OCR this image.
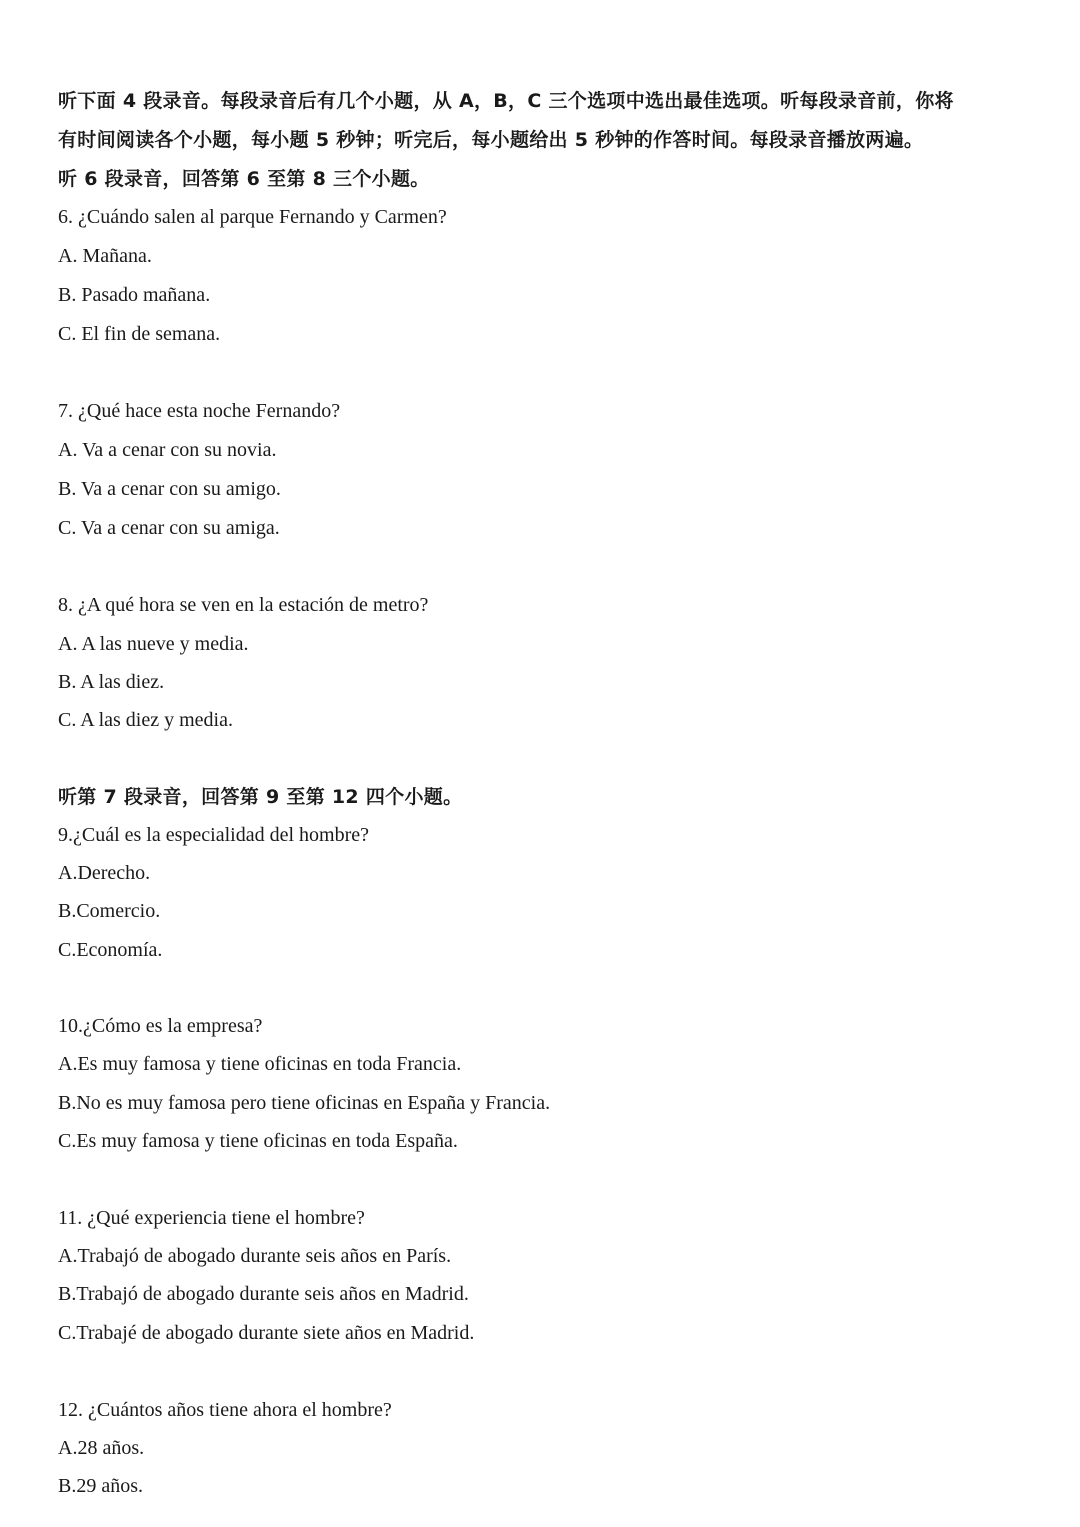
听下面 4 段录音。每段录音后有几个小题，从 A，B，C 三个选项中选出最佳选项。听每段录音前，你将
有时间阅读各个小题，每小题 5 秒钟；听完后，每小题给出 5 秒钟的作答时间。每段录音播放两遍。
听 6 段录音，回答第 6 至第 8 三个小题。
6. ¿Cuándo salen al parque Fernando y Carmen?
A. Mañana.
B. Pasado mañana.
C. El fin de semana.
7. ¿Qué hace esta noche Fernando?
A. Va a cenar con su novia.
B. Va a cenar con su amigo.
C. Va a cenar con su amiga.
8. ¿A qué hora se ven en la estación de metro?
A. A las nueve y media.
B. A las diez.
C. A las diez y media.
听第 7 段录音，回答第 9 至第 12 四个小题。
9.¿Cuál es la especialidad del hombre?
A.Derecho.
B.Comercio.
C.Economía.
10.¿Cómo es la empresa?
A.Es muy famosa y tiene oficinas en toda Francia.
B.No es muy famosa pero tiene oficinas en España y Francia.
C.Es muy famosa y tiene oficinas en toda España.
11. ¿Qué experiencia tiene el hombre?
A.Trabajó de abogado durante seis años en París.
B.Trabajó de abogado durante seis años en Madrid.
C.Trabajé de abogado durante siete años en Madrid.
12. ¿Cuántos años tiene ahora el hombre?
A.28 años.
B.29 años.
